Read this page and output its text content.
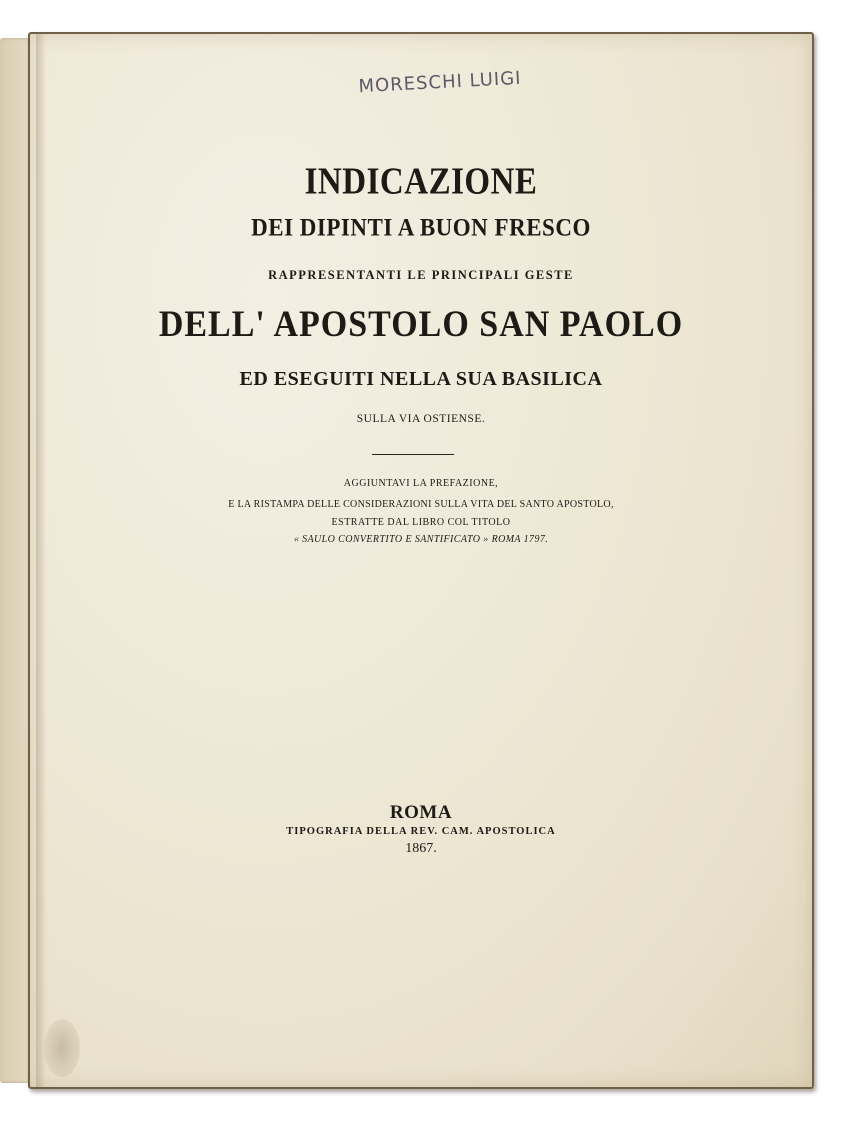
MORESCHI LUIGI
INDICAZIONE
DEI DIPINTI A BUON FRESCO
RAPPRESENTANTI LE PRINCIPALI GESTE
DELL' APOSTOLO SAN PAOLO
ED ESEGUITI NELLA SUA BASILICA
SULLA VIA OSTIENSE.
AGGIUNTAVI LA PREFAZIONE,
E LA RISTAMPA DELLE CONSIDERAZIONI SULLA VITA DEL SANTO APOSTOLO,
ESTRATTE DAL LIBRO COL TITOLO
« SAULO CONVERTITO E SANTIFICATO » ROMA 1797.
ROMA
TIPOGRAFIA DELLA REV. CAM. APOSTOLICA
1867.
